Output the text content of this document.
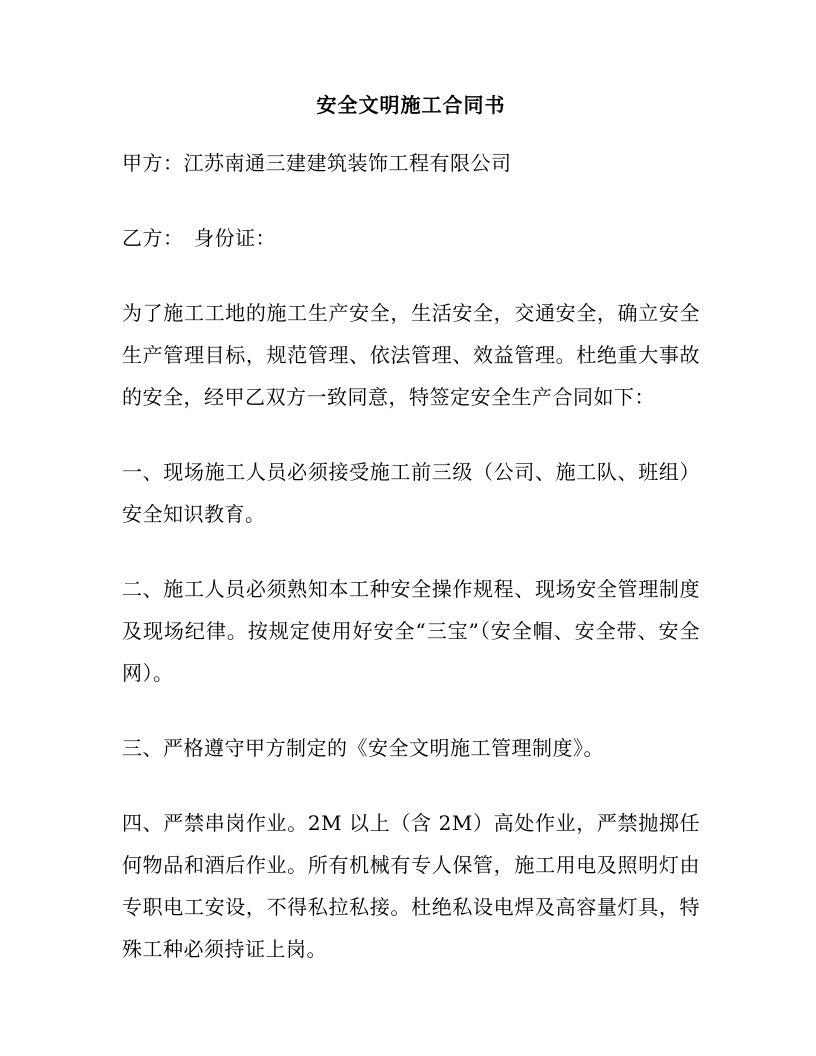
安全文明施工合同书

甲方：江苏南通三建建筑装饰工程有限公司

乙方：　身份证：

为了施工工地的施工生产安全，生活安全，交通安全，确立安全生产管理目标，规范管理、依法管理、效益管理。杜绝重大事故的安全，经甲乙双方一致同意，特签定安全生产合同如下：

一、现场施工人员必须接受施工前三级（公司、施工队、班组）安全知识教育。

二、施工人员必须熟知本工种安全操作规程、现场安全管理制度及现场纪律。按规定使用好安全“三宝”（安全帽、安全带、安全网）。

三、严格遵守甲方制定的《安全文明施工管理制度》。

四、严禁串岗作业。2M 以上（含 2M）高处作业，严禁抛掷任何物品和酒后作业。所有机械有专人保管，施工用电及照明灯由专职电工安设，不得私拉私接。杜绝私设电焊及高容量灯具，特殊工种必须持证上岗。
